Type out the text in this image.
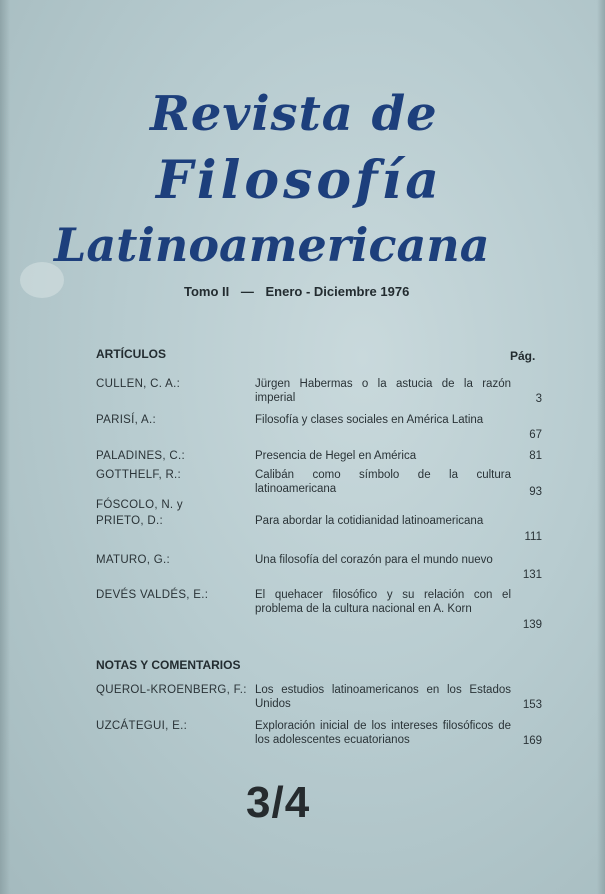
Revista de
Filosofía
Latinoamericana
Tomo II — Enero - Diciembre 1976
ARTÍCULOS	Pág.
CULLEN, C. A.:	Jürgen Habermas o la astucia de la razón imperial	3
PARISÍ, A.:	Filosofía y clases sociales en América Latina
67
PALADINES, C.:	Presencia de Hegel en América	81
GOTTHELF, R.:	Calibán como símbolo de la cultura latinoamericana	93
FÓSCOLO, N. y
PRIETO, D.:	Para abordar la cotidianidad latinoamericana
111
MATURO, G.:	Una filosofía del corazón para el mundo nuevo
131
DEVÉS VALDÉS, E.:	El quehacer filosófico y su relación con el problema de la cultura nacional en A. Korn
139
NOTAS Y COMENTARIOS
QUEROL-KROENBERG, F.: Los estudios latinoamericanos en los Estados Unidos	153
UZCÁTEGUI, E.:	Exploración inicial de los intereses filosóficos de los adolescentes ecuatorianos	169
3/4
